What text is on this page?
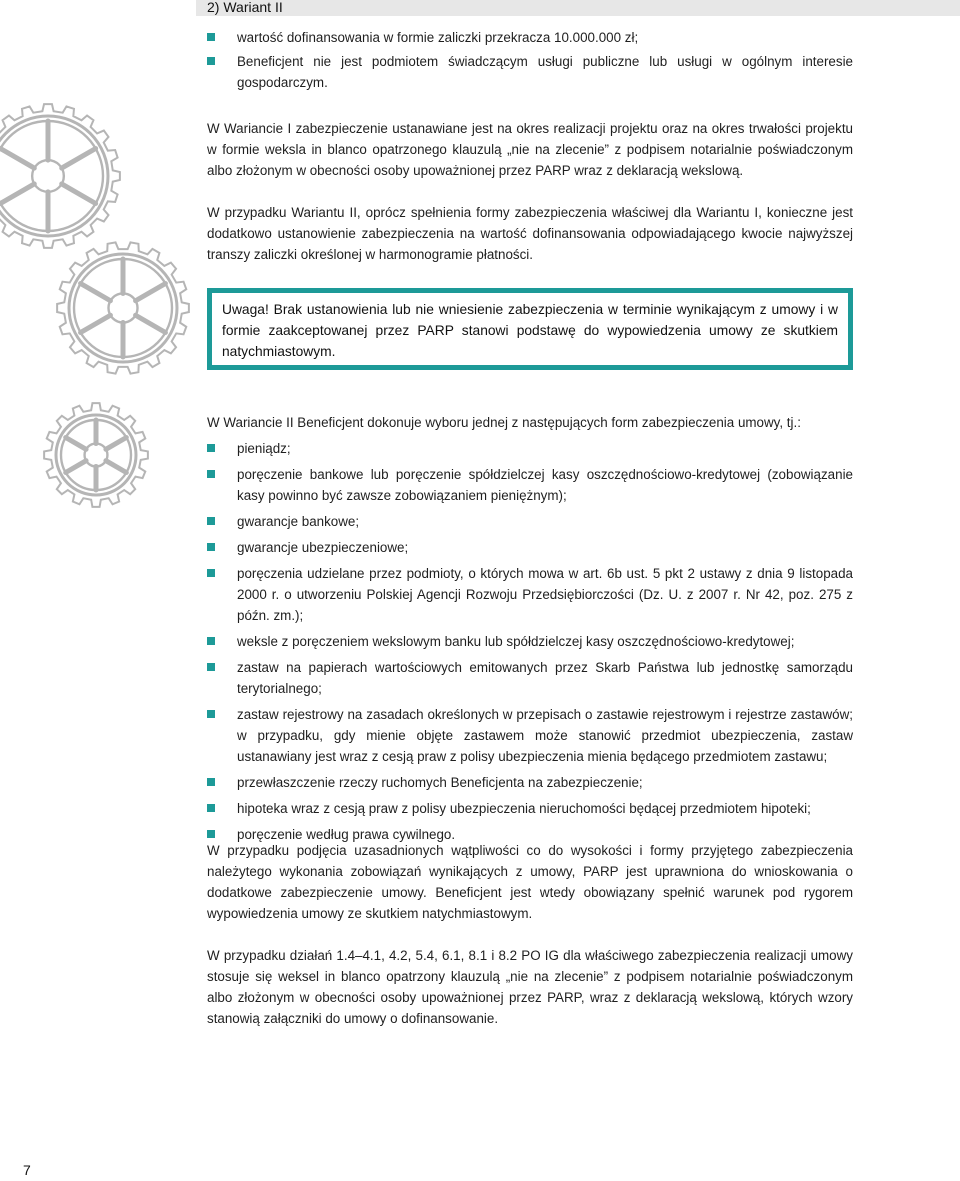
2) Wariant II
wartość dofinansowania w formie zaliczki przekracza 10.000.000 zł;
Beneficjent nie jest podmiotem świadczącym usługi publiczne lub usługi w ogólnym interesie gospodarczym.

W Wariancie I zabezpieczenie ustanawiane jest na okres realizacji projektu oraz na okres trwałości projektu w formie weksla in blanco opatrzonego klauzulą „nie na zlecenie” z podpisem notarialnie poświadczonym albo złożonym w obecności osoby upoważnionej przez PARP wraz z deklaracją wekslową.

W przypadku Wariantu II, oprócz spełnienia formy zabezpieczenia właściwej dla Wariantu I, konieczne jest dodatkowo ustanowienie zabezpieczenia na wartość dofinansowania odpowiadającego kwocie najwyższej transzy zaliczki określonej w harmonogramie płatności.

Uwaga! Brak ustanowienia lub nie wniesienie zabezpieczenia w terminie wynikającym z umowy i w formie zaakceptowanej przez PARP stanowi podstawę do wypowiedzenia umowy ze skutkiem natychmiastowym.

W Wariancie II Beneficjent dokonuje wyboru jednej z następujących form zabezpieczenia umowy, tj.:

pieniądz;
poręczenie bankowe lub poręczenie spółdzielczej kasy oszczędnościowo-kredytowej (zobowiązanie kasy powinno być zawsze zobowiązaniem pieniężnym);
gwarancje bankowe;
gwarancje ubezpieczeniowe;
poręczenia udzielane przez podmioty, o których mowa w art. 6b ust. 5 pkt 2 ustawy z dnia 9 listopada 2000 r. o utworzeniu Polskiej Agencji Rozwoju Przedsiębiorczości (Dz. U. z 2007 r. Nr 42, poz. 275 z późn. zm.);
weksle z poręczeniem wekslowym banku lub spółdzielczej kasy oszczędnościowo-kredytowej;
zastaw na papierach wartościowych emitowanych przez Skarb Państwa lub jednostkę samorządu terytorialnego;
zastaw rejestrowy na zasadach określonych w przepisach o zastawie rejestrowym i rejestrze zastawów; w przypadku, gdy mienie objęte zastawem może stanowić przedmiot ubezpieczenia, zastaw ustanawiany jest wraz z cesją praw z polisy ubezpieczenia mienia będącego przedmiotem zastawu;
przewłaszczenie rzeczy ruchomych Beneficjenta na zabezpieczenie;
hipoteka wraz z cesją praw z polisy ubezpieczenia nieruchomości będącej przedmiotem hipoteki;
poręczenie według prawa cywilnego.

W przypadku podjęcia uzasadnionych wątpliwości co do wysokości i formy przyjętego zabezpieczenia należytego wykonania zobowiązań wynikających z umowy, PARP jest uprawniona do wnioskowania o dodatkowe zabezpieczenie umowy. Beneficjent jest wtedy obowiązany spełnić warunek pod rygorem wypowiedzenia umowy ze skutkiem natychmiastowym.

W przypadku działań 1.4–4.1, 4.2, 5.4, 6.1, 8.1 i 8.2 PO IG dla właściwego zabezpieczenia realizacji umowy stosuje się weksel in blanco opatrzony klauzulą „nie na zlecenie” z podpisem notarialnie poświadczonym albo złożonym w obecności osoby upoważnionej przez PARP, wraz z deklaracją wekslową, których wzory stanowią załączniki do umowy o dofinansowanie.

7
